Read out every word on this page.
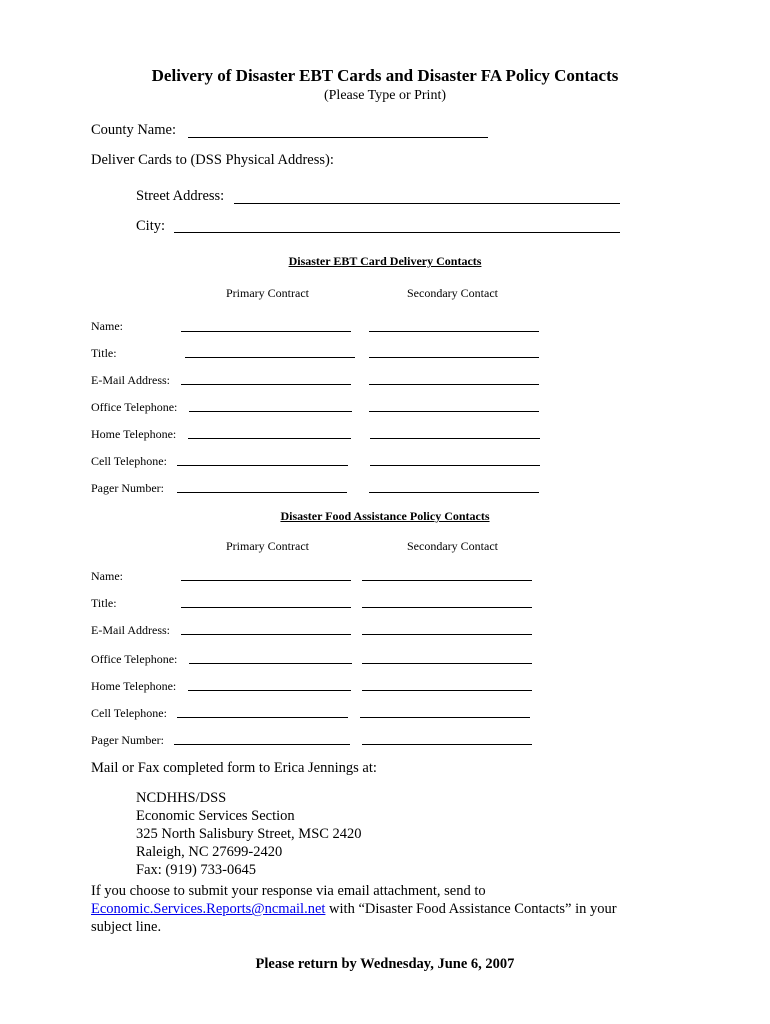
Delivery of Disaster EBT Cards and Disaster FA Policy Contacts
(Please Type or Print)
County Name:
Deliver Cards to (DSS Physical Address):
Street Address:
City:
Disaster EBT Card Delivery Contacts
Primary Contract	Secondary Contact
Name:
Title:
E-Mail Address:
Office Telephone:
Home Telephone:
Cell Telephone:
Pager Number:
Disaster Food Assistance Policy Contacts
Primary Contract	Secondary Contact
Name:
Title:
E-Mail Address:
Office Telephone:
Home Telephone:
Cell Telephone:
Pager Number:
Mail or Fax completed form to Erica Jennings at:
NCDHHS/DSS
Economic Services Section
325 North Salisbury Street, MSC 2420
Raleigh, NC 27699-2420
Fax: (919) 733-0645
If you choose to submit your response via email attachment, send to
Economic.Services.Reports@ncmail.net with “Disaster Food Assistance Contacts” in your
subject line.
Please return by Wednesday, June 6, 2007
